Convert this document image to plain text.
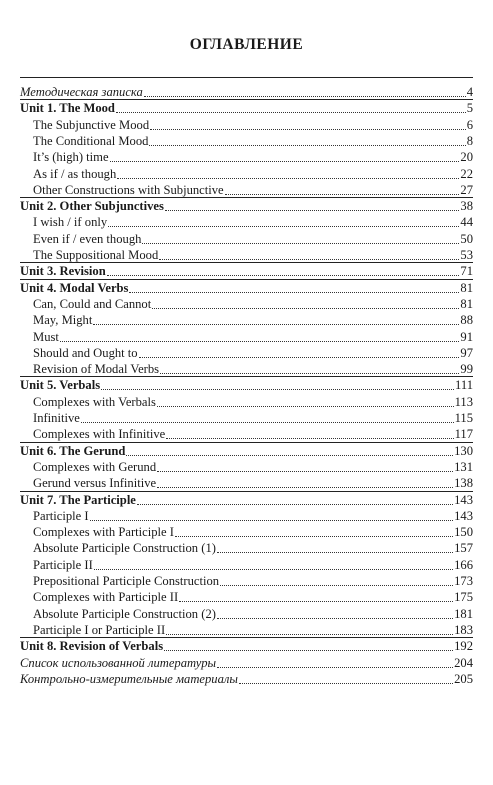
ОГЛАВЛЕНИЕ
Методическая записка	4
Unit 1. The Mood	5
The Subjunctive Mood	6
The Conditional Mood	8
It’s (high) time	20
As if / as though	22
Other Constructions with Subjunctive	27
Unit 2. Other Subjunctives	38
I wish / if only	44
Even if / even though	50
The Suppositional Mood	53
Unit 3. Revision	71
Unit 4. Modal Verbs	81
Can, Could and Cannot	81
May, Might	88
Must	91
Should and Ought to	97
Revision of Modal Verbs	99
Unit 5. Verbals	111
Complexes with Verbals	113
Infinitive	115
Complexes with Infinitive	117
Unit 6. The Gerund	130
Complexes with Gerund	131
Gerund versus Infinitive	138
Unit 7. The Participle	143
Participle I	143
Complexes with Participle I	150
Absolute Participle Construction (1)	157
Participle II	166
Prepositional Participle Construction	173
Complexes with Participle II	175
Absolute Participle Construction (2)	181
Participle I or Participle II	183
Unit 8. Revision of Verbals	192
Список использованной литературы	204
Контрольно-измерительные материалы	205
